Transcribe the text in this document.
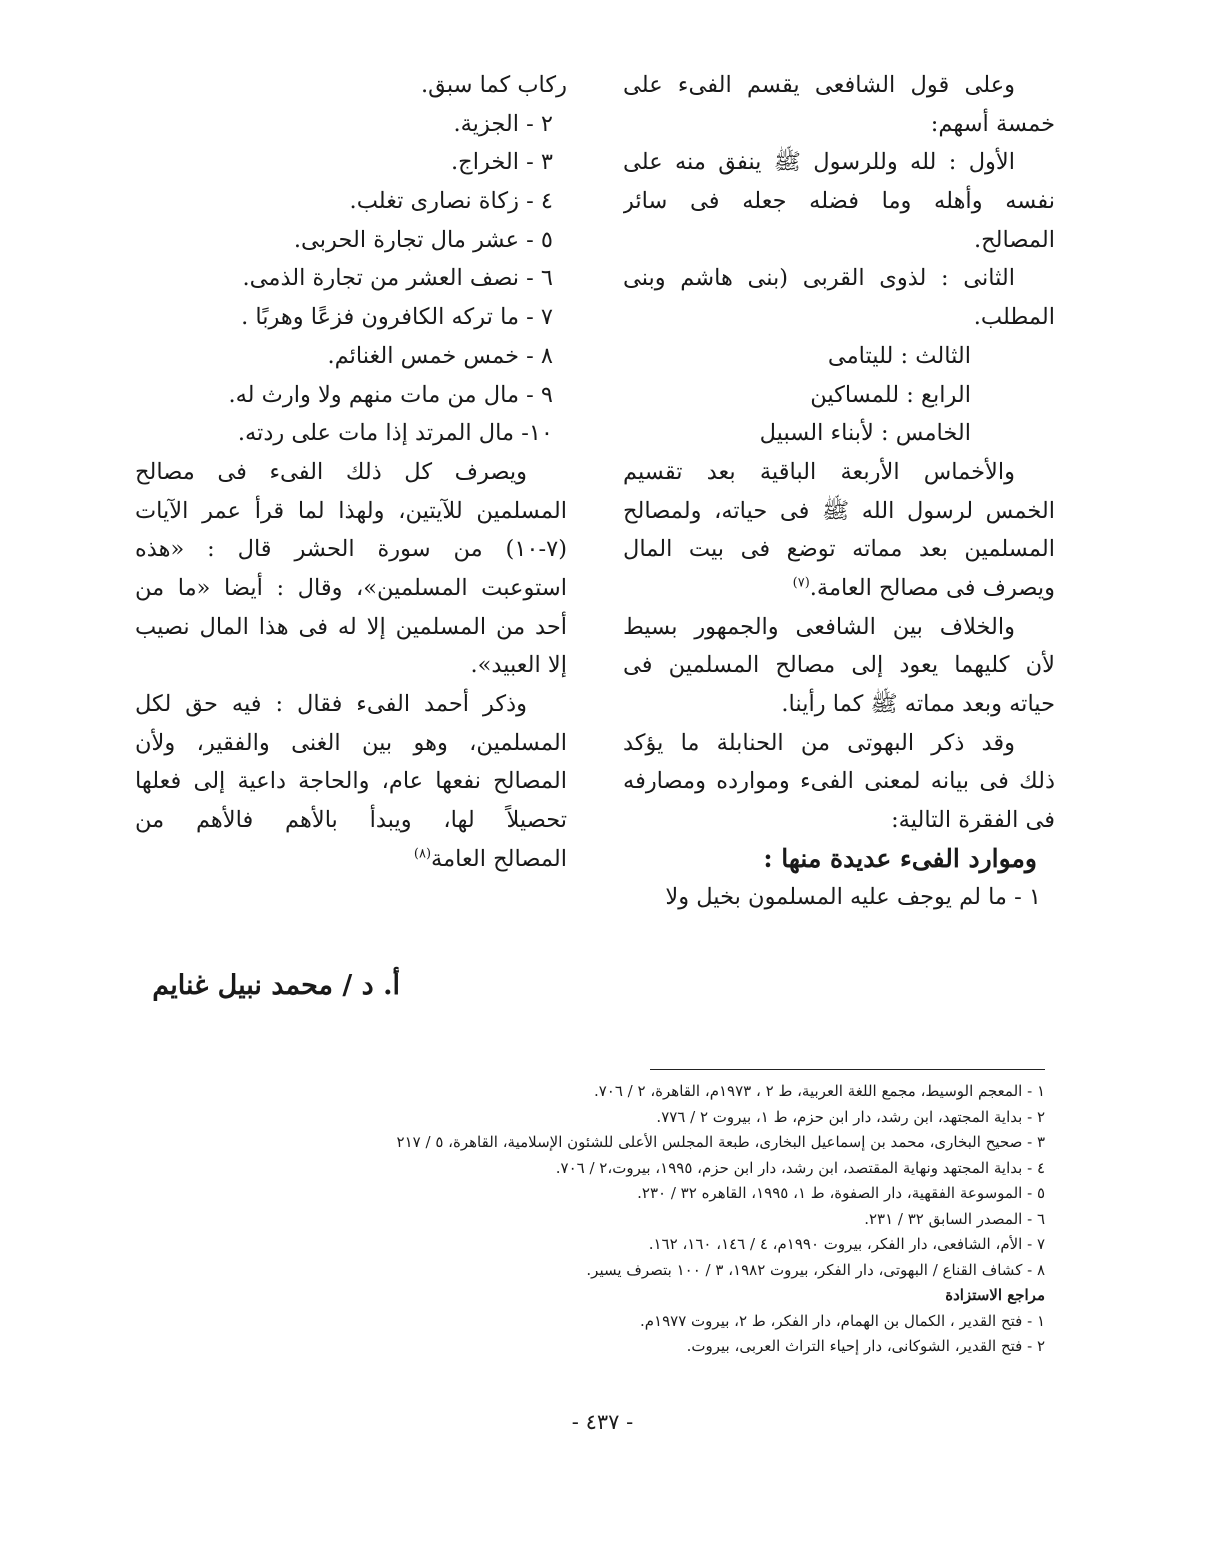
وعلى قول الشافعى يقسم الفىء على
خمسة أسهم:
الأول : لله وللرسول ﷺ ينفق منه على
نفسه وأهله وما فضله جعله فى سائر
المصالح.
الثانى : لذوى القربى (بنى هاشم وبنى
المطلب.
الثالث : لليتامى
الرابع : للمساكين
الخامس : لأبناء السبيل
والأخماس الأربعة الباقية بعد تقسيم
الخمس لرسول الله ﷺ فى حياته، ولمصالح
المسلمين بعد مماته توضع فى بيت المال
ويصرف فى مصالح العامة.$^{(٧)}$
والخلاف بين الشافعى والجمهور بسيط
لأن كليهما يعود إلى مصالح المسلمين فى
حياته وبعد مماته ﷺ كما رأينا.
وقد ذكر البهوتى من الحنابلة ما يؤكد
ذلك فى بيانه لمعنى الفىء وموارده ومصارفه
فى الفقرة التالية:
وموارد الفىء عديدة منها :
١ - ما لم يوجف عليه المسلمون بخيل ولا
ركاب كما سبق.
٢ - الجزية.
٣ - الخراج.
٤ - زكاة نصارى تغلب.
٥ - عشر مال تجارة الحربى.
٦ - نصف العشر من تجارة الذمى.
٧ - ما تركه الكافرون فزعًا وهربًا .
٨ - خمس خمس الغنائم.
٩ - مال من مات منهم ولا وارث له.
١٠- مال المرتد إذا مات على ردته.
ويصرف كل ذلك الفىء فى مصالح
المسلمين للآيتين، ولهذا لما قرأ عمر الآيات
(٧-١٠) من سورة الحشر قال : «هذه
استوعبت المسلمين»، وقال : أيضا «ما من
أحد من المسلمين إلا له فى هذا المال نصيب
إلا العبيد».
وذكر أحمد الفىء فقال : فيه حق لكل
المسلمين، وهو بين الغنى والفقير، ولأن
المصالح نفعها عام، والحاجة داعية إلى فعلها
تحصيلاً لها، ويبدأ بالأهم فالأهم من
المصالح العامة$^{(٨)}$
أ. د / محمد نبيل غنايم
١ - المعجم الوسيط، مجمع اللغة العربية، ط ٢ ، ١٩٧٣م، القاهرة، ٢ / ٧٠٦.
٢ - بداية المجتهد، ابن رشد، دار ابن حزم، ط ١، بيروت ٢ / ٧٧٦.
٣ - صحيح البخارى، محمد بن إسماعيل البخارى، طبعة المجلس الأعلى للشئون الإسلامية، القاهرة، ٥ / ٢١٧
٤ - بداية المجتهد ونهاية المقتصد، ابن رشد، دار ابن حزم، ١٩٩٥، بيروت،٢ / ٧٠٦.
٥ - الموسوعة الفقهية، دار الصفوة، ط ١، ١٩٩٥، القاهره ٣٢ / ٢٣٠.
٦ - المصدر السابق ٣٢ / ٢٣١.
٧ - الأم، الشافعى، دار الفكر، بيروت ١٩٩٠م، ٤ / ١٤٦، ١٦٠، ١٦٢.
٨ - كشاف القناع / البهوتى، دار الفكر، بيروت ١٩٨٢، ٣ / ١٠٠ بتصرف يسير.
مراجع الاستزادة
١ - فتح القدير ، الكمال بن الهمام، دار الفكر، ط ٢، بيروت ١٩٧٧م.
٢ - فتح القدير، الشوكانى، دار إحياء التراث العربى، بيروت.
- ٤٣٧ -
